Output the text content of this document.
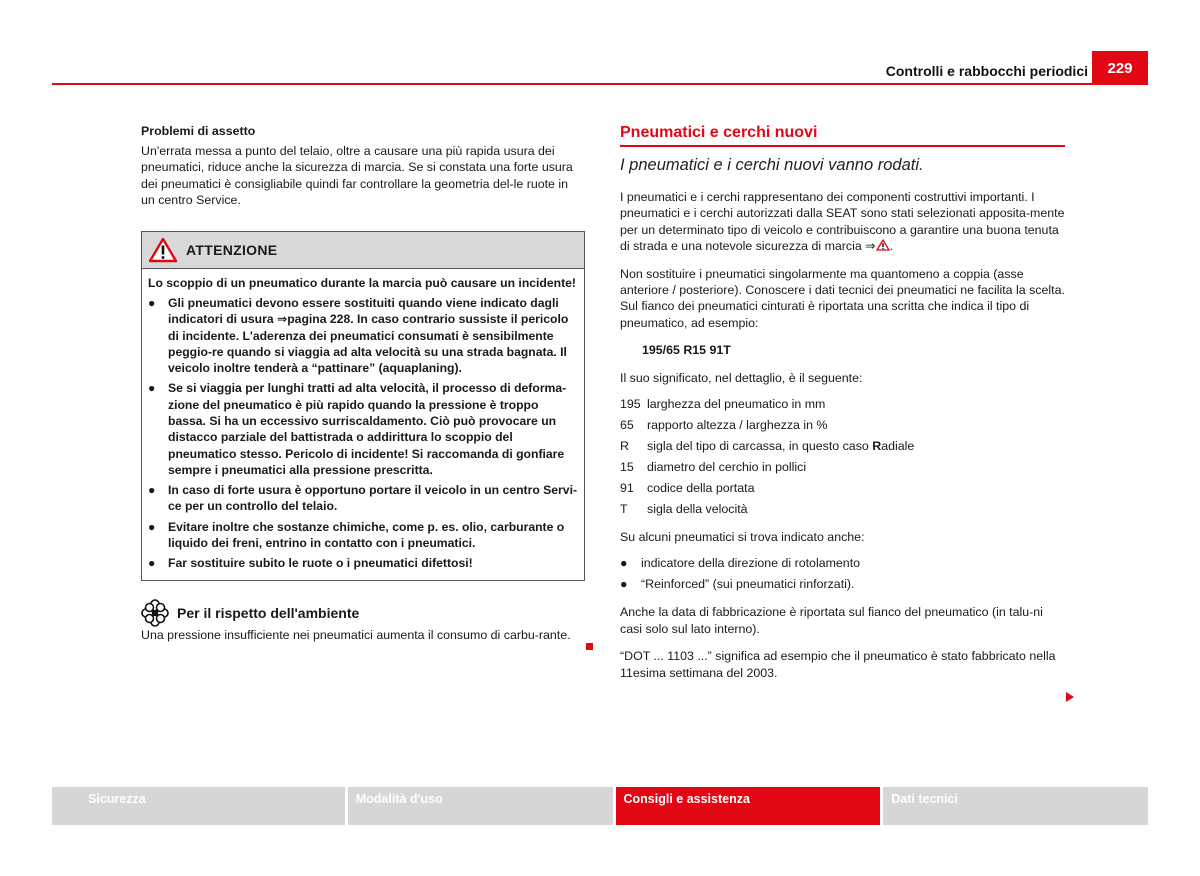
Controlli e rabbocchi periodici	229

Problemi di assetto

Un'errata messa a punto del telaio, oltre a causare una più rapida usura dei pneumatici, riduce anche la sicurezza di marcia. Se si constata una forte usura dei pneumatici è consigliabile quindi far controllare la geometria del-le ruote in un centro Service.

ATTENZIONE

Lo scoppio di un pneumatico durante la marcia può causare un incidente!

●	Gli pneumatici devono essere sostituiti quando viene indicato dagli indicatori di usura ⇒pagina 228. In caso contrario sussiste il pericolo di incidente. L'aderenza dei pneumatici consumati è sensibilmente peggio-re quando si viaggia ad alta velocità su una strada bagnata. Il veicolo inoltre tenderà a “pattinare” (aquaplaning).
●	Se si viaggia per lunghi tratti ad alta velocità, il processo di deforma-zione del pneumatico è più rapido quando la pressione è troppo bassa. Si ha un eccessivo surriscaldamento. Ciò può provocare un distacco parziale del battistrada o addirittura lo scoppio del pneumatico stesso. Pericolo di incidente! Si raccomanda di gonfiare sempre i pneumatici alla pressione prescritta.
●	In caso di forte usura è opportuno portare il veicolo in un centro Servi-ce per un controllo del telaio.
●	Evitare inoltre che sostanze chimiche, come p. es. olio, carburante o liquido dei freni, entrino in contatto con i pneumatici.
●	Far sostituire subito le ruote o i pneumatici difettosi!
Per il rispetto dell'ambiente

Una pressione insufficiente nei pneumatici aumenta il consumo di carbu-rante.

Pneumatici e cerchi nuovi

I pneumatici e i cerchi nuovi vanno rodati.

I pneumatici e i cerchi rappresentano dei componenti costruttivi importanti. I pneumatici e i cerchi autorizzati dalla SEAT sono stati selezionati apposita-mente per un determinato tipo di veicolo e contribuiscono a garantire una buona tenuta di strada e una notevole sicurezza di marcia ⇒ .

Non sostituire i pneumatici singolarmente ma quantomeno a coppia (asse anteriore / posteriore). Conoscere i dati tecnici dei pneumatici ne facilita la scelta. Sul fianco dei pneumatici cinturati è riportata una scritta che indica il tipo di pneumatico, ad esempio:

195/65 R15 91T

Il suo significato, nel dettaglio, è il seguente:

195 larghezza del pneumatico in mm
65	rapporto altezza / larghezza in %
R	sigla del tipo di carcassa, in questo caso Radiale
15	diametro del cerchio in pollici
91	codice della portata
T	sigla della velocità

Su alcuni pneumatici si trova indicato anche:

●	indicatore della direzione di rotolamento
●	“Reinforced” (sui pneumatici rinforzati).

Anche la data di fabbricazione è riportata sul fianco del pneumatico (in talu-ni casi solo sul lato interno).

“DOT ... 1103 ...” significa ad esempio che il pneumatico è stato fabbricato nella 11esima settimana del 2003.

Sicurezza	Modalità d'uso	Consigli e assistenza	Dati tecnici
